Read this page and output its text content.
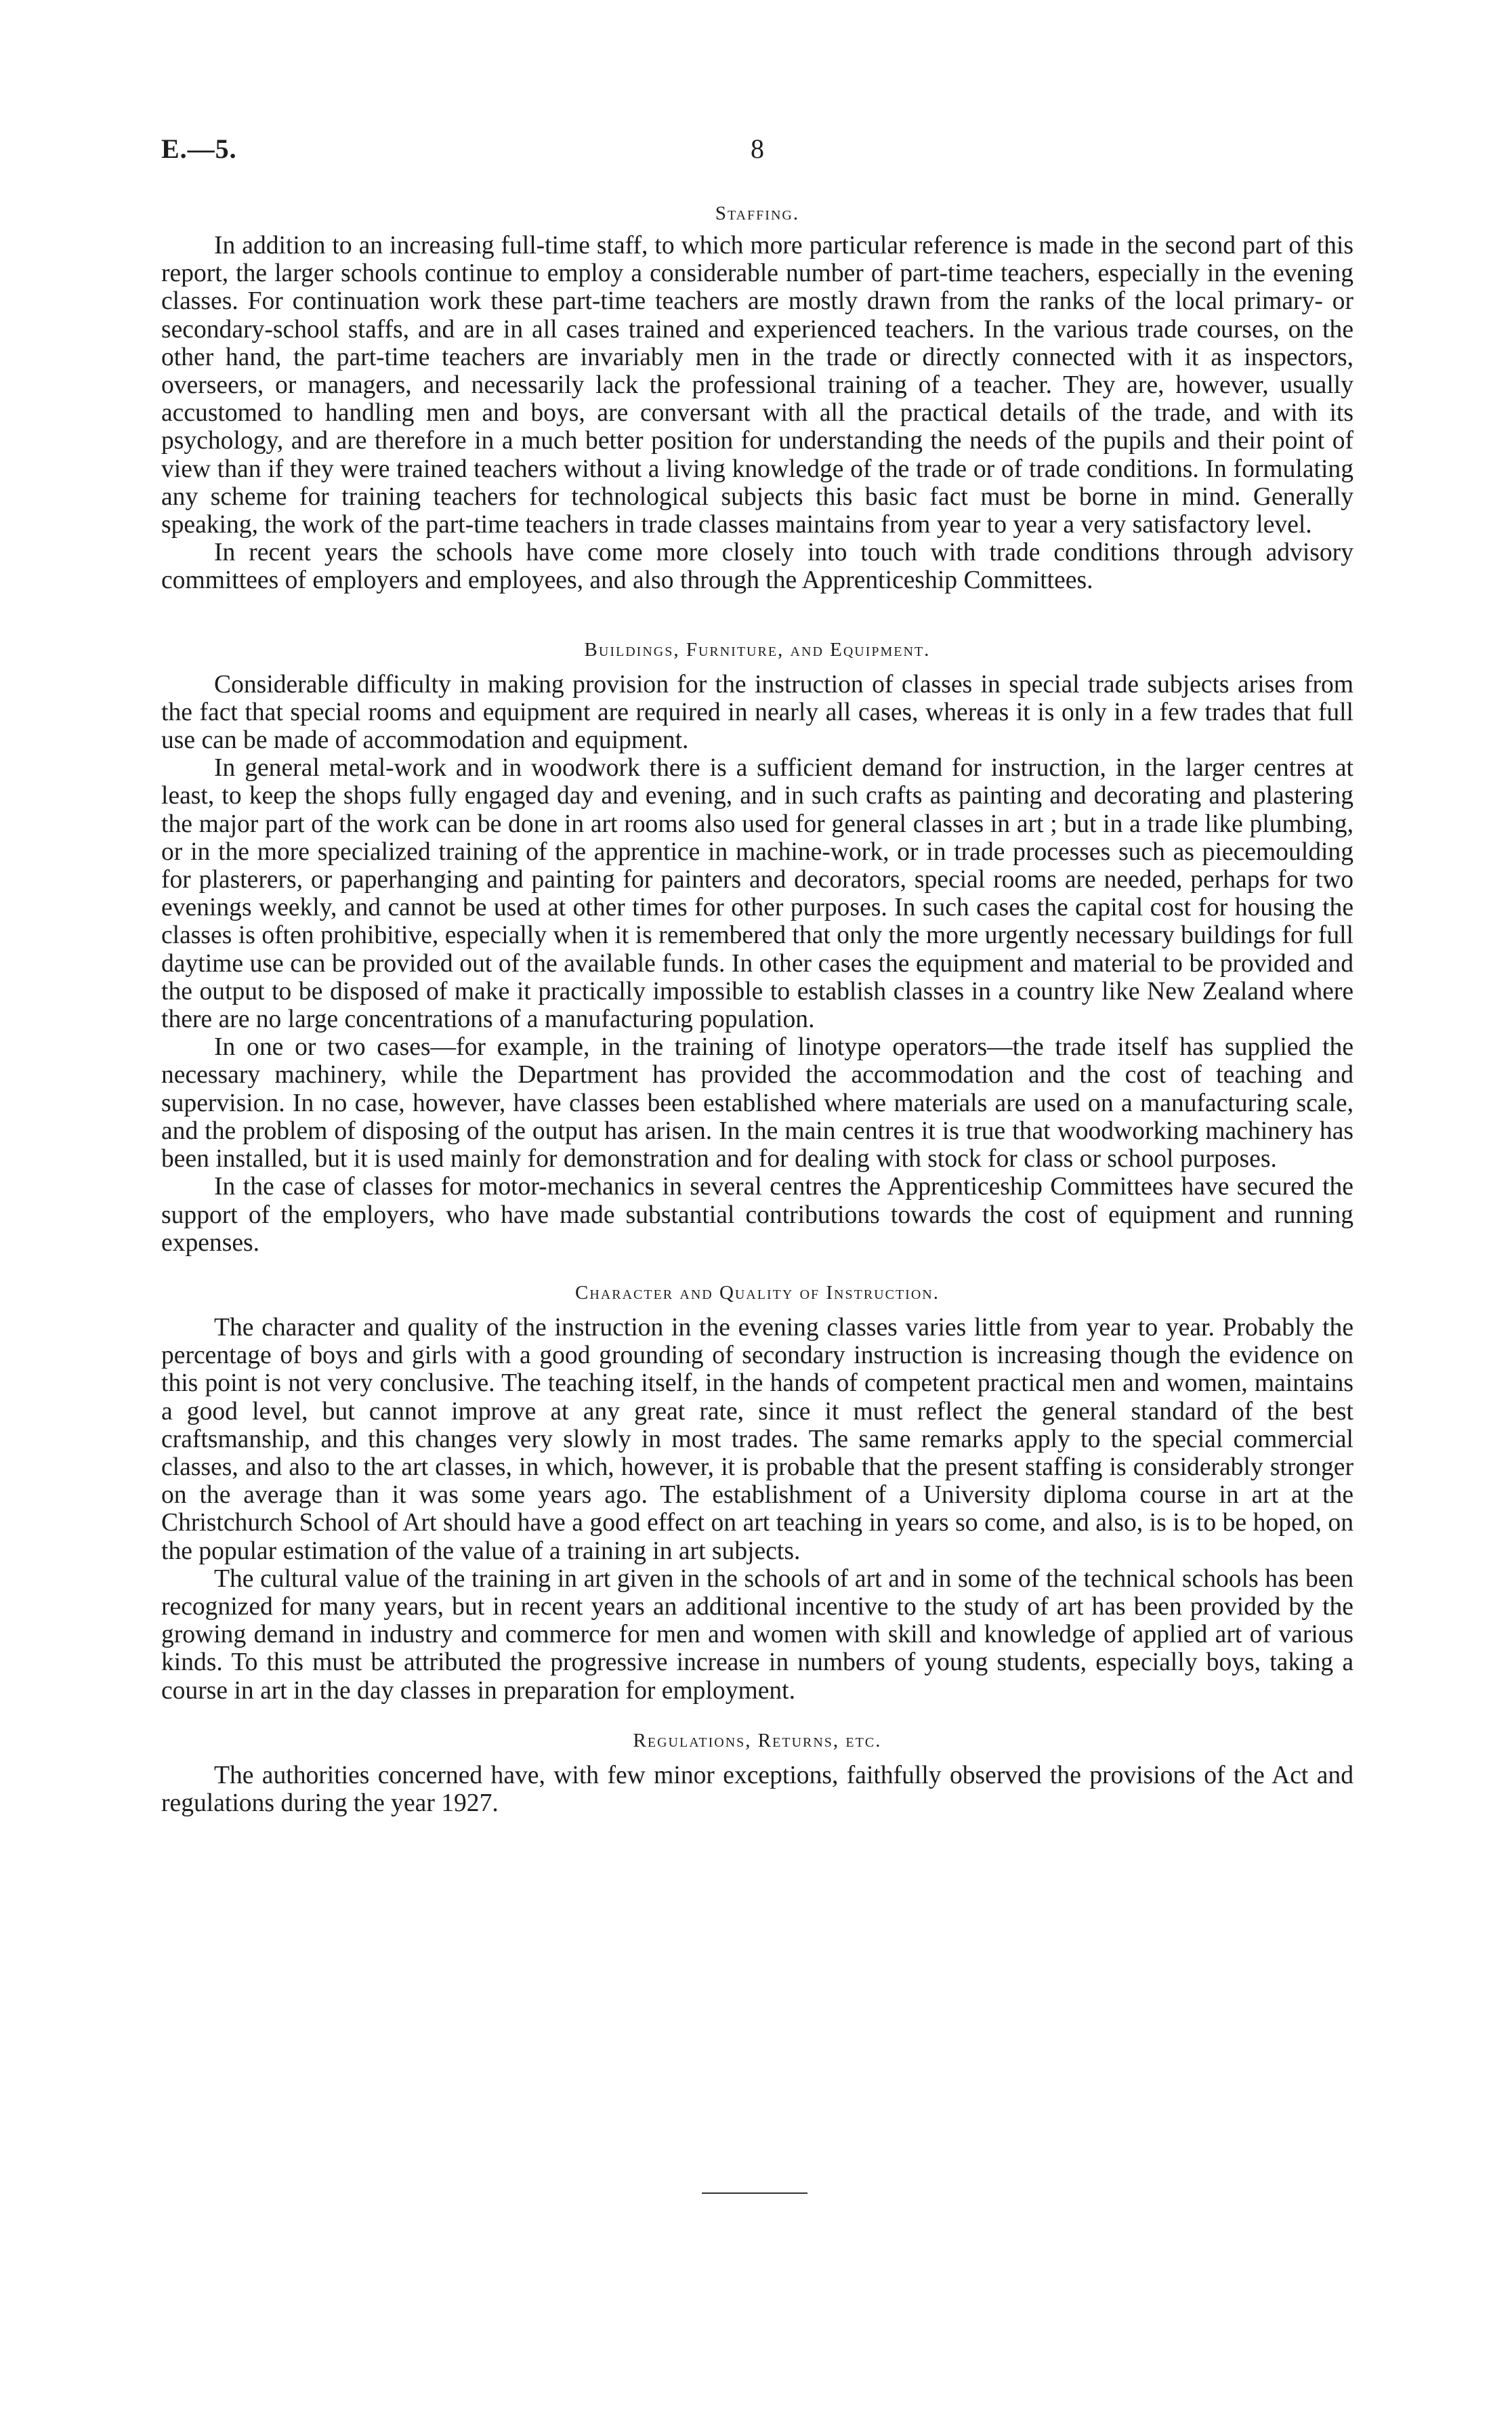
E.—5.	8
Staffing.

In addition to an increasing full-time staff, to which more particular reference is made in the second part of this report, the larger schools continue to employ a considerable number of part-time teachers, especially in the evening classes. For continuation work these part-time teachers are mostly drawn from the ranks of the local primary- or secondary-school staffs, and are in all cases trained and experienced teachers. In the various trade courses, on the other hand, the part-time teachers are invariably men in the trade or directly connected with it as inspectors, overseers, or managers, and necessarily lack the professional training of a teacher. They are, however, usually accustomed to handling men and boys, are conversant with all the practical details of the trade, and with its psychology, and are therefore in a much better position for understanding the needs of the pupils and their point of view than if they were trained teachers without a living knowledge of the trade or of trade conditions. In formulating any scheme for training teachers for technological subjects this basic fact must be borne in mind. Generally speaking, the work of the part-time teachers in trade classes maintains from year to year a very satisfactory level.

In recent years the schools have come more closely into touch with trade conditions through advisory committees of employers and employees, and also through the Apprenticeship Committees.

Buildings, Furniture, and Equipment.

Considerable difficulty in making provision for the instruction of classes in special trade subjects arises from the fact that special rooms and equipment are required in nearly all cases, whereas it is only in a few trades that full use can be made of accommodation and equipment.

In general metal-work and in woodwork there is a sufficient demand for instruction, in the larger centres at least, to keep the shops fully engaged day and evening, and in such crafts as painting and decorating and plastering the major part of the work can be done in art rooms also used for general classes in art ; but in a trade like plumbing, or in the more specialized training of the apprentice in machine-work, or in trade processes such as piecemoulding for plasterers, or paperhanging and painting for painters and decorators, special rooms are needed, perhaps for two evenings weekly, and cannot be used at other times for other purposes. In such cases the capital cost for housing the classes is often prohibitive, especially when it is remembered that only the more urgently necessary buildings for full daytime use can be provided out of the available funds. In other cases the equipment and material to be provided and the output to be disposed of make it practically impossible to establish classes in a country like New Zealand where there are no large concentrations of a manufacturing population.

In one or two cases—for example, in the training of linotype operators—the trade itself has supplied the necessary machinery, while the Department has provided the accommodation and the cost of teaching and supervision. In no case, however, have classes been established where materials are used on a manufacturing scale, and the problem of disposing of the output has arisen. In the main centres it is true that woodworking machinery has been installed, but it is used mainly for demonstration and for dealing with stock for class or school purposes.

In the case of classes for motor-mechanics in several centres the Apprenticeship Committees have secured the support of the employers, who have made substantial contributions towards the cost of equipment and running expenses.

Character and Quality of Instruction.

The character and quality of the instruction in the evening classes varies little from year to year. Probably the percentage of boys and girls with a good grounding of secondary instruction is increasing though the evidence on this point is not very conclusive. The teaching itself, in the hands of competent practical men and women, maintains a good level, but cannot improve at any great rate, since it must reflect the general standard of the best craftsmanship, and this changes very slowly in most trades. The same remarks apply to the special commercial classes, and also to the art classes, in which, however, it is probable that the present staffing is considerably stronger on the average than it was some years ago. The establishment of a University diploma course in art at the Christchurch School of Art should have a good effect on art teaching in years so come, and also, is is to be hoped, on the popular estimation of the value of a training in art subjects.

The cultural value of the training in art given in the schools of art and in some of the technical schools has been recognized for many years, but in recent years an additional incentive to the study of art has been provided by the growing demand in industry and commerce for men and women with skill and knowledge of applied art of various kinds. To this must be attributed the progressive increase in numbers of young students, especially boys, taking a course in art in the day classes in preparation for employment.

Regulations, Returns, etc.

The authorities concerned have, with few minor exceptions, faithfully observed the provisions of the Act and regulations during the year 1927.
